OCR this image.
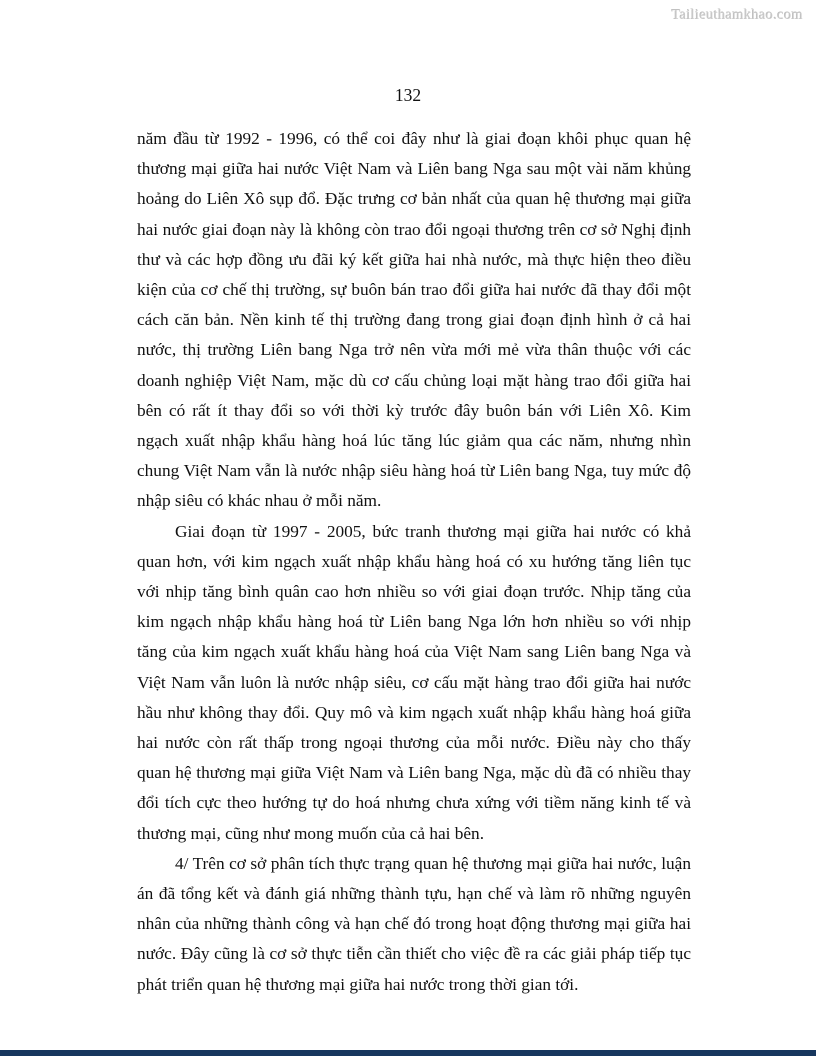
Tailieuthamkhao.com
132

năm đầu từ 1992 - 1996, có thể coi đây như là giai đoạn khôi phục quan hệ thương mại giữa hai nước Việt Nam và Liên bang Nga sau một vài năm khủng hoảng do Liên Xô sụp đổ. Đặc trưng cơ bản nhất của quan hệ thương mại giữa hai nước giai đoạn này là không còn trao đổi ngoại thương trên cơ sở Nghị định thư và các hợp đồng ưu đãi ký kết giữa hai nhà nước, mà thực hiện theo điều kiện của cơ chế thị trường, sự buôn bán trao đổi giữa hai nước đã thay đổi một cách căn bản. Nền kinh tế thị trường đang trong giai đoạn định hình ở cả hai nước, thị trường Liên bang Nga trở nên vừa mới mẻ vừa thân thuộc với các doanh nghiệp Việt Nam, mặc dù cơ cấu chủng loại mặt hàng trao đổi giữa hai bên có rất ít thay đổi so với thời kỳ trước đây buôn bán với Liên Xô. Kim ngạch xuất nhập khẩu hàng hoá lúc tăng lúc giảm qua các năm, nhưng nhìn chung Việt Nam vẫn là nước nhập siêu hàng hoá từ Liên bang Nga, tuy mức độ nhập siêu có khác nhau ở mỗi năm.

Giai đoạn từ 1997 - 2005, bức tranh thương mại giữa hai nước có khả quan hơn, với kim ngạch xuất nhập khẩu hàng hoá có xu hướng tăng liên tục với nhịp tăng bình quân cao hơn nhiều so với giai đoạn trước. Nhịp tăng của kim ngạch nhập khẩu hàng hoá từ Liên bang Nga lớn hơn nhiều so với nhịp tăng của kim ngạch xuất khẩu hàng hoá của Việt Nam sang Liên bang Nga và Việt Nam vẫn luôn là nước nhập siêu, cơ cấu mặt hàng trao đổi giữa hai nước hầu như không thay đổi. Quy mô và kim ngạch xuất nhập khẩu hàng hoá giữa hai nước còn rất thấp trong ngoại thương của mỗi nước. Điều này cho thấy quan hệ thương mại giữa Việt Nam và Liên bang Nga, mặc dù đã có nhiều thay đổi tích cực theo hướng tự do hoá nhưng chưa xứng với tiềm năng kinh tế và thương mại, cũng như mong muốn của cả hai bên.

4/ Trên cơ sở phân tích thực trạng quan hệ thương mại giữa hai nước, luận án đã tổng kết và đánh giá những thành tựu, hạn chế và làm rõ những nguyên nhân của những thành công và hạn chế đó trong hoạt động thương mại giữa hai nước. Đây cũng là cơ sở thực tiễn cần thiết cho việc đề ra các giải pháp tiếp tục phát triển quan hệ thương mại giữa hai nước trong thời gian tới.
